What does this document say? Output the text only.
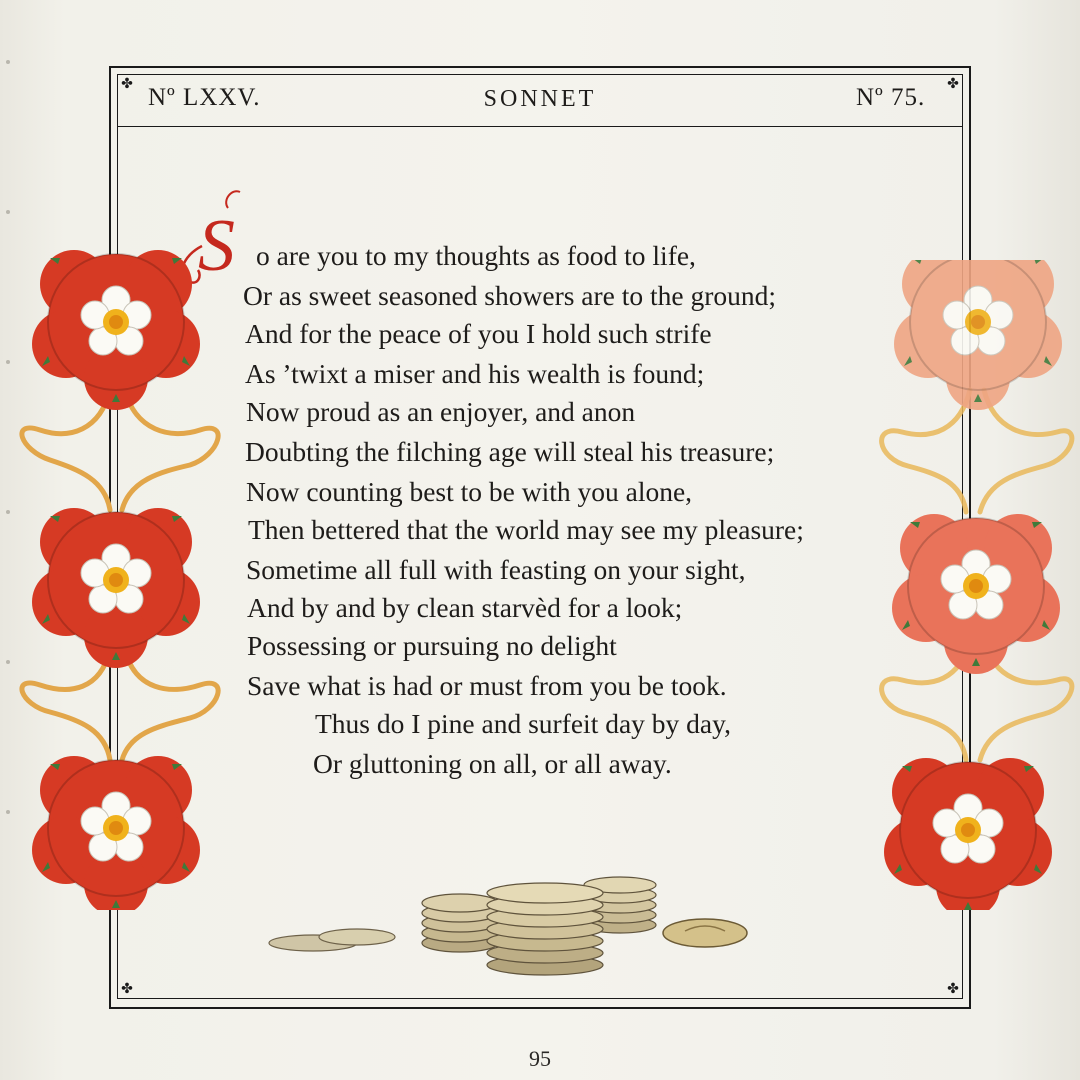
✤	✤
✤	✤
Nº LXXV.	SONNET	Nº 75.
S o are you to my thoughts as food to life,
Or as sweet seasoned showers are to the ground;
And for the peace of you I hold such strife
As ’twixt a miser and his wealth is found;
Now proud as an enjoyer, and anon
Doubting the filching age will steal his treasure;
Now counting best to be with you alone,
Then bettered that the world may see my pleasure;
Sometime all full with feasting on your sight,
And by and by clean starvèd for a look;
Possessing or pursuing no delight
Save what is had or must from you be took.
Thus do I pine and surfeit day by day,
Or gluttoning on all, or all away.
95
